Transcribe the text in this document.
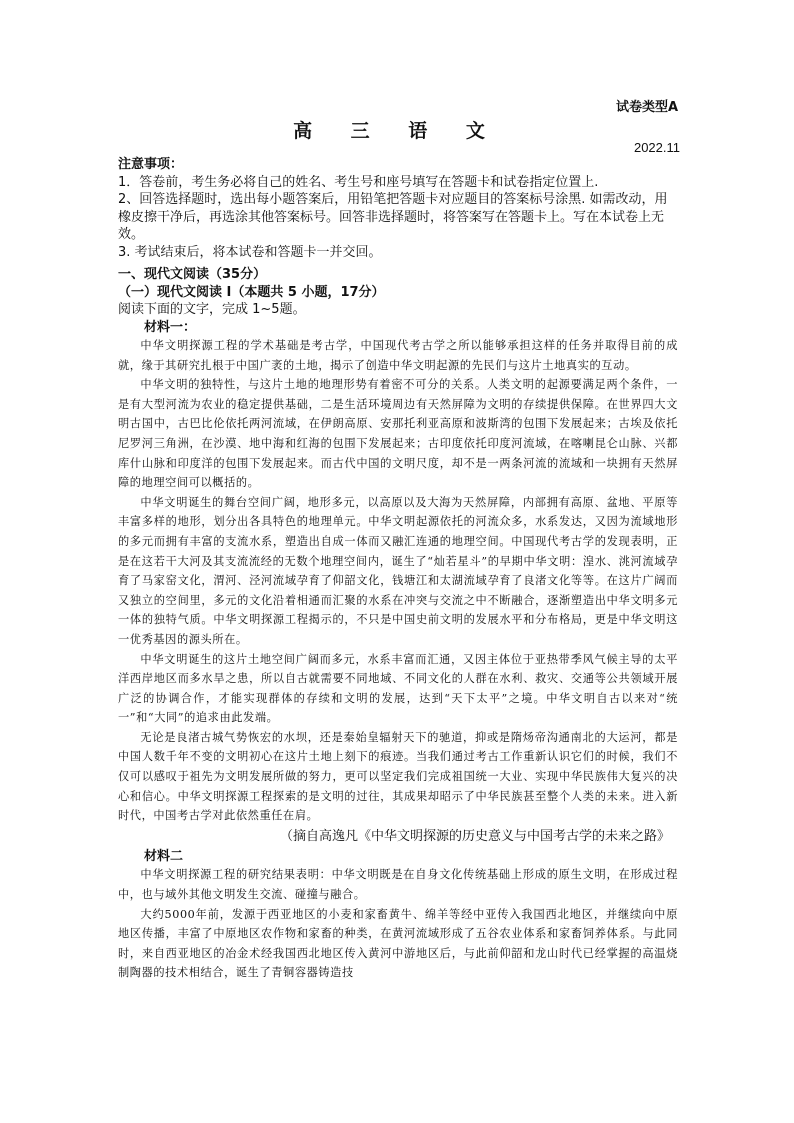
试卷类型A
高 三 语 文
2022.11

注意事项：

1．答卷前，考生务必将自己的姓名、考生号和座号填写在答题卡和试卷指定位置上.

2、回答选择题时，选出每小题答案后，用铅笔把答题卡对应题目的答案标号涂黑. 如需改动，用橡皮擦干净后，再选涂其他答案标号。回答非选择题时，将答案写在答题卡上。写在本试卷上无效。

3. 考试结束后，将本试卷和答题卡一并交回。

一、现代文阅读（35分）

（一）现代文阅读 I（本题共 5 小题，17分）

阅读下面的文字，完成 1~5题。

材料一：

中华文明探源工程的学术基础是考古学，中国现代考古学之所以能够承担这样的任务并取得目前的成就，缘于其研究扎根于中国广袤的土地，揭示了创造中华文明起源的先民们与这片土地真实的互动。

中华文明的独特性，与这片土地的地理形势有着密不可分的关系。人类文明的起源要满足两个条件，一是有大型河流为农业的稳定提供基础，二是生活环境周边有天然屏障为文明的存续提供保障。在世界四大文明古国中，古巴比伦依托两河流域，在伊朗高原、安那托利亚高原和波斯湾的包围下发展起来；古埃及依托尼罗河三角洲，在沙漠、地中海和红海的包围下发展起来；古印度依托印度河流域，在喀喇昆仑山脉、兴都库什山脉和印度洋的包围下发展起来。而古代中国的文明尺度，却不是一两条河流的流域和一块拥有天然屏障的地理空间可以概括的。

中华文明诞生的舞台空间广阔，地形多元，以高原以及大海为天然屏障，内部拥有高原、盆地、平原等丰富多样的地形，划分出各具特色的地理单元。中华文明起源依托的河流众多，水系发达，又因为流域地形的多元而拥有丰富的支流水系，塑造出自成一体而又融汇连通的地理空间。中国现代考古学的发现表明，正是在这若干大河及其支流流经的无数个地理空间内，诞生了“灿若星斗”的早期中华文明：湟水、洮河流域孕育了马家窑文化，渭河、泾河流域孕育了仰韶文化，钱塘江和太湖流域孕育了良渚文化等等。在这片广阔而又独立的空间里，多元的文化沿着相通而汇聚的水系在冲突与交流之中不断融合，逐渐塑造出中华文明多元一体的独特气质。中华文明探源工程揭示的，不只是中国史前文明的发展水平和分布格局，更是中华文明这一优秀基因的源头所在。

中华文明诞生的这片土地空间广阔而多元，水系丰富而汇通，又因主体位于亚热带季风气候主导的太平洋西岸地区而多水旱之患，所以自古就需要不同地域、不同文化的人群在水利、救灾、交通等公共领域开展广泛的协调合作，才能实现群体的存续和文明的发展，达到“天下太平”之境。中华文明自古以来对“统一”和“大同”的追求由此发端。

无论是良渚古城气势恢宏的水坝，还是秦始皇辐射天下的驰道，抑或是隋炀帝沟通南北的大运河，都是中国人数千年不变的文明初心在这片土地上刻下的痕迹。当我们通过考古工作重新认识它们的时候，我们不仅可以感叹于祖先为文明发展所做的努力，更可以坚定我们完成祖国统一大业、实现中华民族伟大复兴的决心和信心。中华文明探源工程探索的是文明的过往，其成果却昭示了中华民族甚至整个人类的未来。进入新时代，中国考古学对此依然重任在肩。

（摘自高逸凡《中华文明探源的历史意义与中国考古学的未来之路》

材料二

中华文明探源工程的研究结果表明：中华文明既是在自身文化传统基础上形成的原生文明，在形成过程中，也与域外其他文明发生交流、碰撞与融合。

大约5000年前，发源于西亚地区的小麦和家畜黄牛、绵羊等经中亚传入我国西北地区，并继续向中原地区传播，丰富了中原地区农作物和家畜的种类，在黄河流域形成了五谷农业体系和家畜饲养体系。与此同时，来自西亚地区的冶金术经我国西北地区传入黄河中游地区后，与此前仰韶和龙山时代已经掌握的高温烧制陶器的技术相结合，诞生了青铜容器铸造技
